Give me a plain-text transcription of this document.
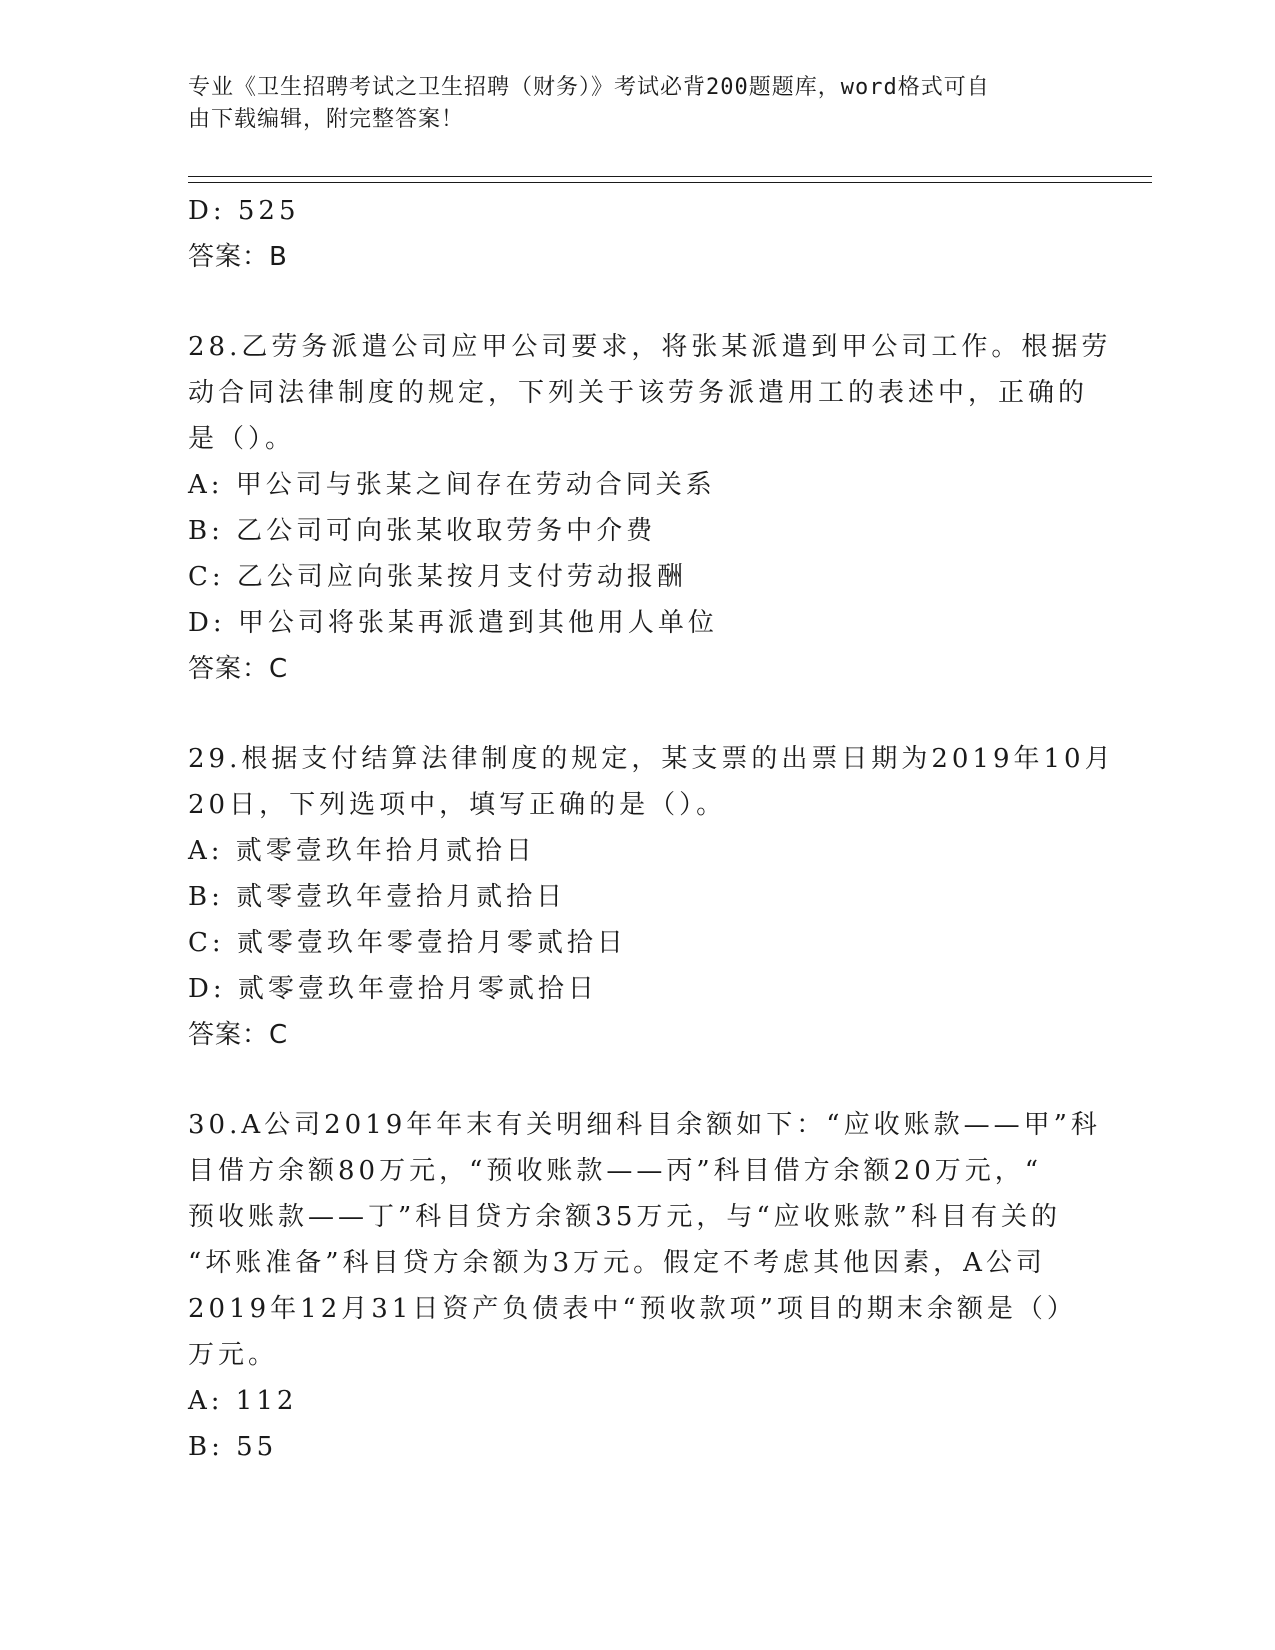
专业《卫生招聘考试之卫生招聘（财务）》考试必背200题题库，word格式可自
由下载编辑，附完整答案！
D: 525
答案：B
28.乙劳务派遣公司应甲公司要求，将张某派遣到甲公司工作。根据劳
动合同法律制度的规定，下列关于该劳务派遣用工的表述中，正确的
是（）。
A: 甲公司与张某之间存在劳动合同关系
B: 乙公司可向张某收取劳务中介费
C: 乙公司应向张某按月支付劳动报酬
D: 甲公司将张某再派遣到其他用人单位
答案：C
29.根据支付结算法律制度的规定，某支票的出票日期为2019年10月
20日，下列选项中，填写正确的是（）。
A: 贰零壹玖年拾月贰拾日
B: 贰零壹玖年壹拾月贰拾日
C: 贰零壹玖年零壹拾月零贰拾日
D: 贰零壹玖年壹拾月零贰拾日
答案：C
30.A公司2019年年末有关明细科目余额如下：“应收账款——甲”科
目借方余额80万元，“预收账款——丙”科目借方余额20万元，“
预收账款——丁”科目贷方余额35万元，与“应收账款”科目有关的
“坏账准备”科目贷方余额为3万元。假定不考虑其他因素，A公司
2019年12月31日资产负债表中“预收款项”项目的期末余额是（）
万元。
A: 112
B: 55
